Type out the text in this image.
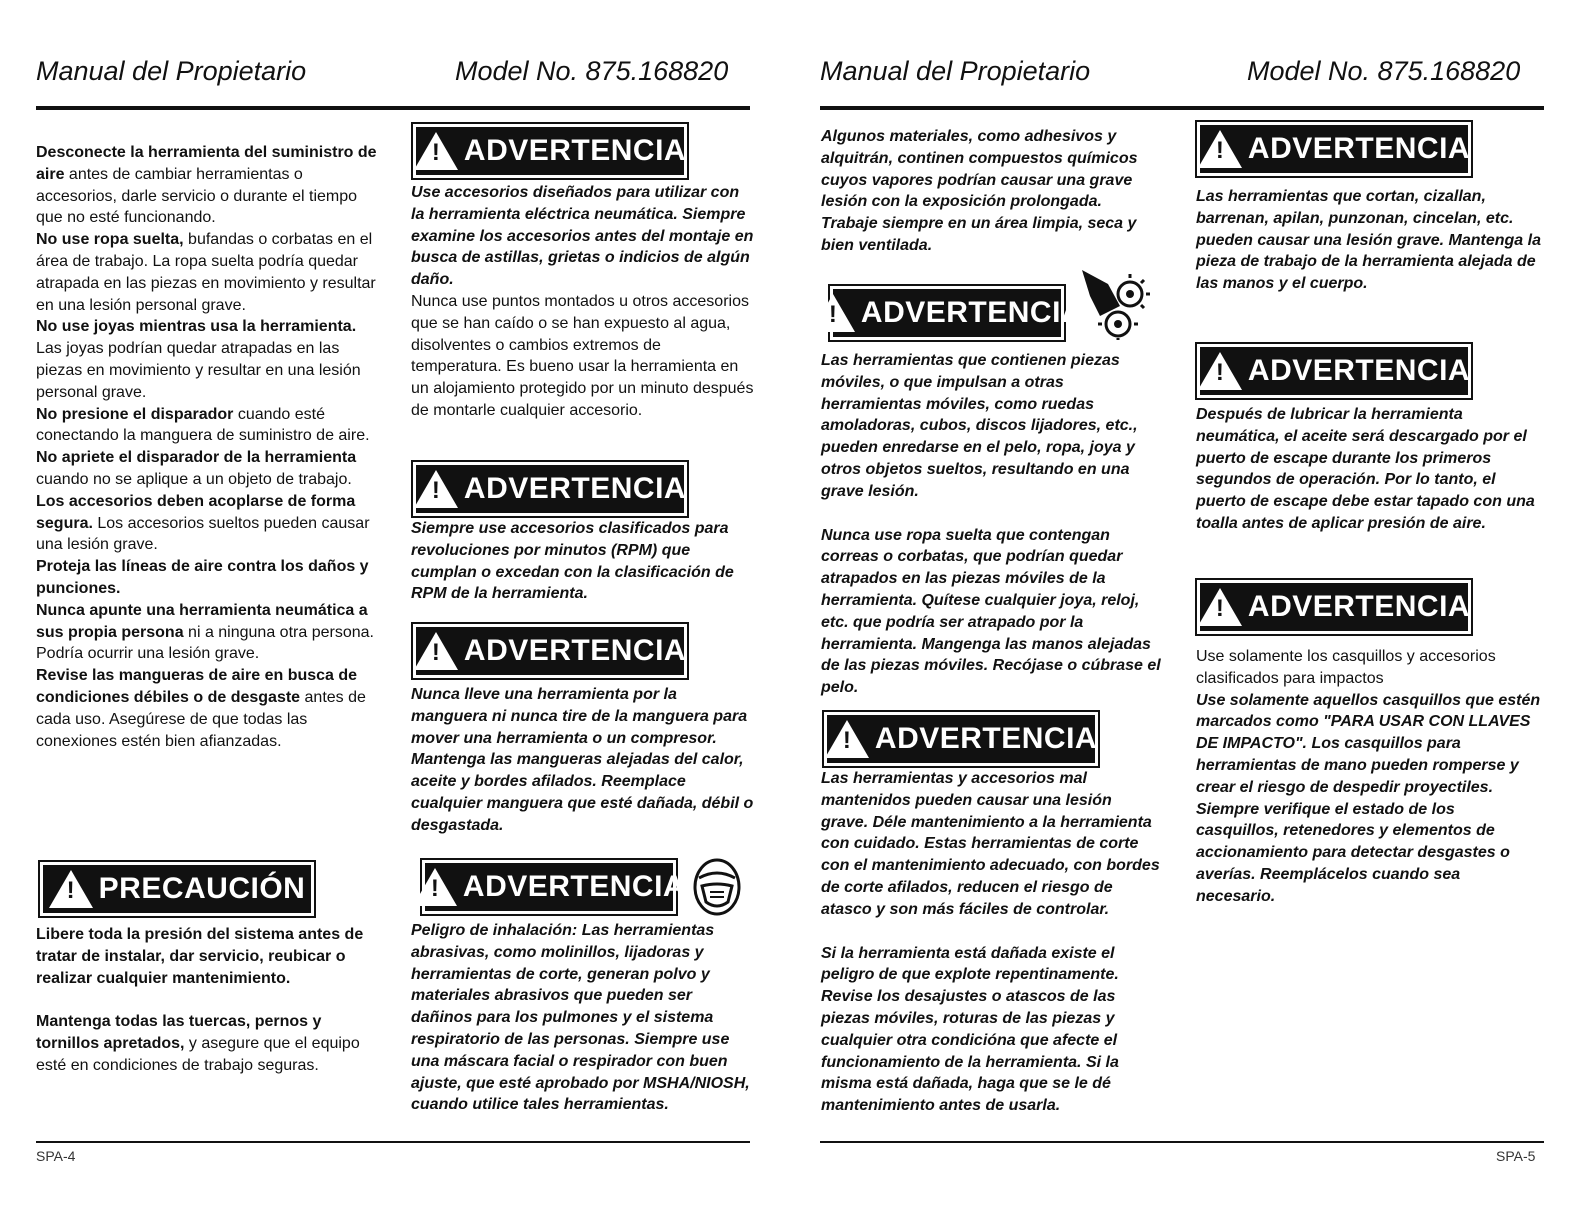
Manual del Propietario	Model No. 875.168820	Manual del Propietario	Model No. 875.168820

Desconecte la herramienta del suministro de aire antes de cambiar herramientas o accesorios, darle servicio o durante el tiempo que no esté funcionando.

No use ropa suelta, bufandas o corbatas en el área de trabajo. La ropa suelta podría quedar atrapada en las piezas en movimiento y resultar en una lesión personal grave.

No use joyas mientras usa la herramienta. Las joyas podrían quedar atrapadas en las piezas en movimiento y resultar en una lesión personal grave.

No presione el disparador cuando esté conectando la manguera de suministro de aire.

No apriete el disparador de la herramienta cuando no se aplique a un objeto de trabajo.

Los accesorios deben acoplarse de forma segura. Los accesorios sueltos pueden causar una lesión grave.

Proteja las líneas de aire contra los daños y punciones.

Nunca apunte una herramienta neumática a sus propia persona ni a ninguna otra persona. Podría ocurrir una lesión grave.

Revise las mangueras de aire en busca de condiciones débiles o de desgaste antes de cada uso. Asegúrese de que todas las conexiones estén bien afianzadas.

! PRECAUCIÓN

Libere toda la presión del sistema antes de tratar de instalar, dar servicio, reubicar o realizar cualquier mantenimiento.

Mantenga todas las tuercas, pernos y tornillos apretados, y asegure que el equipo esté en condiciones de trabajo seguras.

! ADVERTENCIA

Use accesorios diseñados para utilizar con la herramienta eléctrica neumática. Siempre examine los accesorios antes del montaje en busca de astillas, grietas o indicios de algún daño.

Nunca use puntos montados u otros accesorios que se han caído o se han expuesto al agua, disolventes o cambios extremos de temperatura. Es bueno usar la herramienta en un alojamiento protegido por un minuto después de montarle cualquier accesorio.

! ADVERTENCIA

Siempre use accesorios clasificados para revoluciones por minutos (RPM) que cumplan o excedan con la clasificación de RPM de la herramienta.

! ADVERTENCIA

Nunca lleve una herramienta por la manguera ni nunca tire de la manguera para mover una herramienta o un compresor. Mantenga las mangueras alejadas del calor, aceite y bordes afilados. Reemplace cualquier manguera que esté dañada, débil o desgastada.

! ADVERTENCIA

Peligro de inhalación: Las herramientas abrasivas, como molinillos, lijadoras y herramientas de corte, generan polvo y materiales abrasivos que pueden ser dañinos para los pulmones y el sistema respiratorio de las personas. Siempre use una máscara facial o respirador con buen ajuste, que esté aprobado por MSHA/NIOSH, cuando utilice tales herramientas.

Algunos materiales, como adhesivos y alquitrán, continen compuestos químicos cuyos vapores podrían causar una grave lesión con la exposición prolongada. Trabaje siempre en un área limpia, seca y bien ventilada.

! ADVERTENCIA

Las herramientas que contienen piezas móviles, o que impulsan a otras herramientas móviles, como ruedas amoladoras, cubos, discos lijadores, etc., pueden enredarse en el pelo, ropa, joya y otros objetos sueltos, resultando en una grave lesión.

Nunca use ropa suelta que contengan correas o corbatas, que podrían quedar atrapados en las piezas móviles de la herramienta. Quítese cualquier joya, reloj, etc. que podría ser atrapado por la herramienta. Mangenga las manos alejadas de las piezas móviles. Recójase o cúbrase el pelo.

! ADVERTENCIA

Las herramientas y accesorios mal mantenidos pueden causar una lesión grave. Déle mantenimiento a la herramienta con cuidado. Estas herramientas de corte con el mantenimiento adecuado, con bordes de corte afilados, reducen el riesgo de atasco y son más fáciles de controlar.

Si la herramienta está dañada existe el peligro de que explote repentinamente. Revise los desajustes o atascos de las piezas móviles, roturas de las piezas y cualquier otra condicióna que afecte el funcionamiento de la herramienta. Si la misma está dañada, haga que se le dé mantenimiento antes de usarla.

! ADVERTENCIA

Las herramientas que cortan, cizallan, barrenan, apilan, punzonan, cincelan, etc. pueden causar una lesión grave. Mantenga la pieza de trabajo de la herramienta alejada de las manos y el cuerpo.

! ADVERTENCIA

Después de lubricar la herramienta neumática, el aceite será descargado por el puerto de escape durante los primeros segundos de operación. Por lo tanto, el puerto de escape debe estar tapado con una toalla antes de aplicar presión de aire.

! ADVERTENCIA

Use solamente los casquillos y accesorios clasificados para impactos

Use solamente aquellos casquillos que estén marcados como "PARA USAR CON LLAVES DE IMPACTO". Los casquillos para herramientas de mano pueden romperse y crear el riesgo de despedir proyectiles. Siempre verifique el estado de los casquillos, retenedores y elementos de accionamiento para detectar desgastes o averías. Reemplácelos cuando sea necesario.

SPA-4	SPA-5
